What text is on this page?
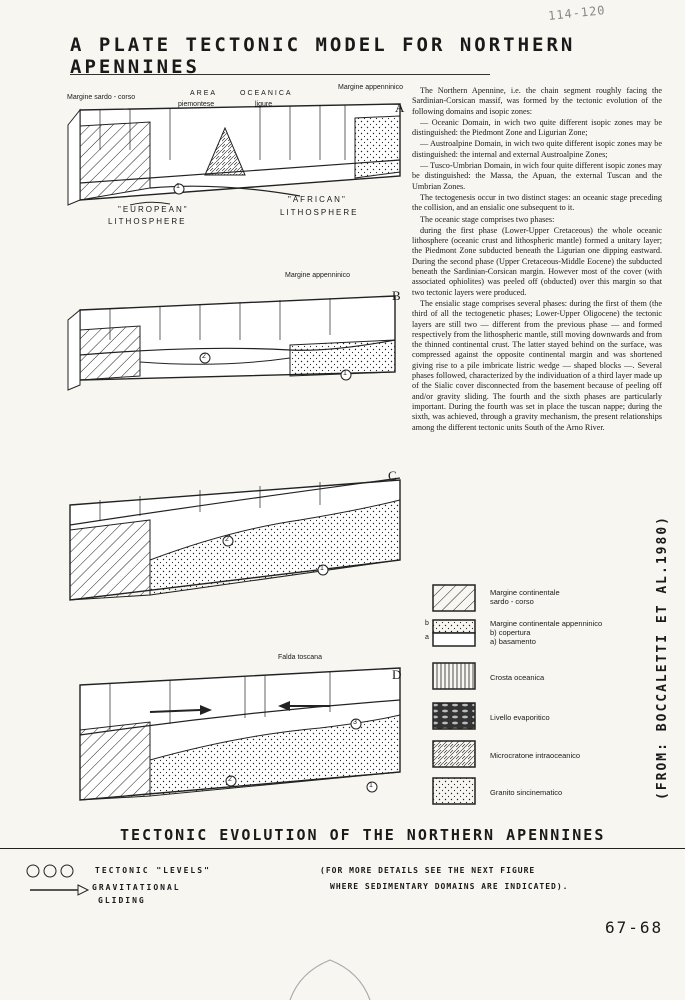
114-120
A PLATE TECTONIC MODEL FOR NORTHERN APENNINES
Margine sardo - corso
AREA	OCEANICA
piemontese	ligure
Margine appenninico
A
"EUROPEAN"
LITHOSPHERE
"AFRICAN"
LITHOSPHERE
1
Margine appenninico
B
2
1
C
2
1
Falda toscana
D
2
3
1

The Northern Apennine, i.e. the chain segment roughly facing the Sardinian-Corsican massif, was formed by the tectonic evolution of the following domains and isopic zones:

— Oceanic Domain, in wich two quite different isopic zones may be distinguished: the Piedmont Zone and Ligurian Zone;

— Austroalpine Domain, in wich two quite different isopic zones may be distinguished: the internal and external Austroalpine Zones;

— Tusco-Umbrian Domain, in wich four quite different isopic zones may be distinguished: the Massa, the Apuan, the external Tuscan and the Umbrian Zones.

The tectogenesis occur in two distinct stages: an oceanic stage preceding the collision, and an ensialic one subsequent to it.

The oceanic stage comprises two phases:

during the first phase (Lower-Upper Cretaceous) the whole oceanic lithosphere (oceanic crust and lithospheric mantle) formed a unitary layer; the Piedmont Zone subducted beneath the Ligurian one dipping eastward. During the second phase (Upper Cretaceous-Middle Eocene) the subducted beneath the Sardinian-Corsican margin. However most of the cover (with associated ophiolites) was peeled off (obducted) over this margin so that two tectonic layers were produced.

The ensialic stage comprises several phases: during the first of them (the third of all the tectogenetic phases; Lower-Upper Oligocene) the tectonic layers are still two — different from the previous phase — and formed respectively from the lithospheric mantle, still moving downwards and from the thinned continental crust. The latter stayed behind on the surface, was compressed against the opposite continental margin and was shortened giving rise to a pile imbricate listric wedge — shaped blocks —. Several phases followed, characterized by the individuation of a third layer made up of the Sialic cover disconnected from the basement because of peeling off and/or gravity sliding. The fourth and the sixth phases are particularly important. During the fourth was set in place the tuscan nappe; during the sixth, was achieved, through a gravity mechanism, the present relationships among the different tectonic units South of the Arno River.

Margine continentale
sardo - corso
b
a
Margine continentale appenninico
b) copertura
a) basamento
Crosta oceanica
Livello evaporitico
Microcratone intraoceanico
Granito sincinematico	(FROM: BOCCALETTI ET AL.1980)
TECTONIC EVOLUTION OF THE NORTHERN APENNINES
TECTONIC "LEVELS"
GRAVITATIONAL
GLIDING
(FOR MORE DETAILS SEE THE NEXT FIGURE
WHERE SEDIMENTARY DOMAINS ARE INDICATED).
67-68
